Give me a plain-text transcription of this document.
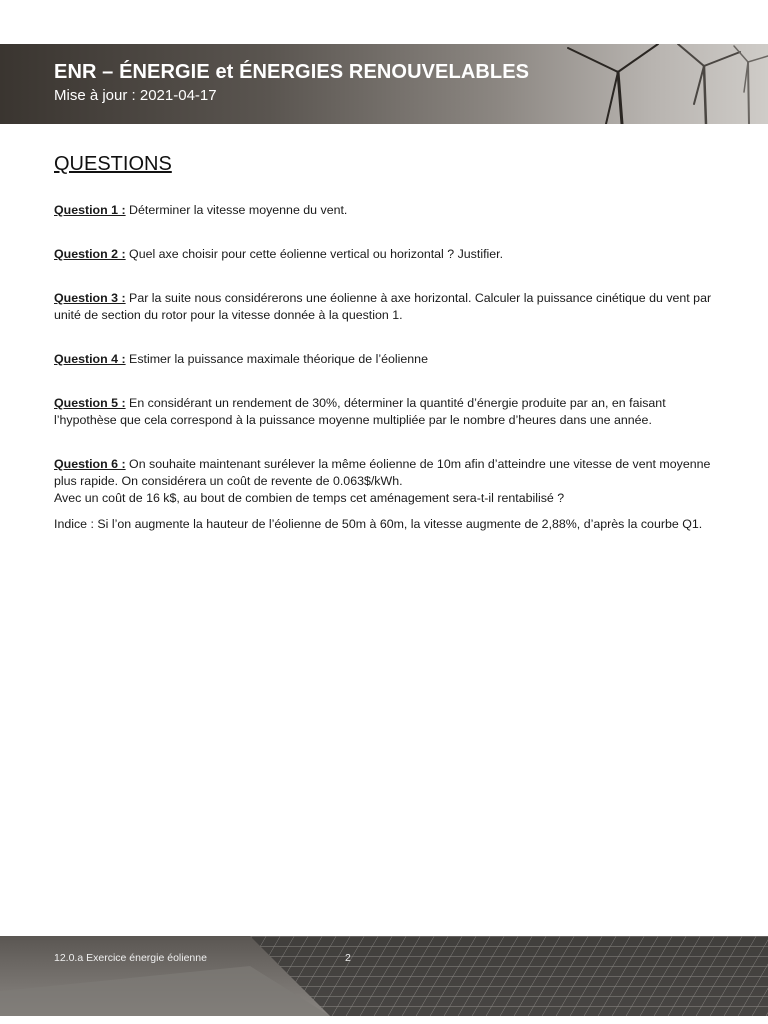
ENR – ÉNERGIE et ÉNERGIES RENOUVELABLES
Mise à jour : 2021-04-17
QUESTIONS
Question 1 : Déterminer la vitesse moyenne du vent.
Question 2 : Quel axe choisir pour cette éolienne vertical ou horizontal ? Justifier.
Question 3 : Par la suite nous considérerons une éolienne à axe horizontal. Calculer la puissance cinétique du vent par unité de section du rotor pour la vitesse donnée à la question 1.
Question 4 : Estimer la puissance maximale théorique de l’éolienne
Question 5 : En considérant un rendement de 30%, déterminer la quantité d’énergie produite par an, en faisant l’hypothèse que cela correspond à la puissance moyenne multipliée par le nombre d’heures dans une année.
Question 6 : On souhaite maintenant surélever la même éolienne de 10m afin d’atteindre une vitesse de vent moyenne plus rapide. On considérera un coût de revente de 0.063$/kWh.
Avec un coût de 16 k$, au bout de combien de temps cet aménagement sera-t-il rentabilisé ?
Indice : Si l’on augmente la hauteur de l’éolienne de 50m à 60m, la vitesse augmente de 2,88%, d’après la courbe Q1.
12.0.a Exercice énergie éolienne	2
